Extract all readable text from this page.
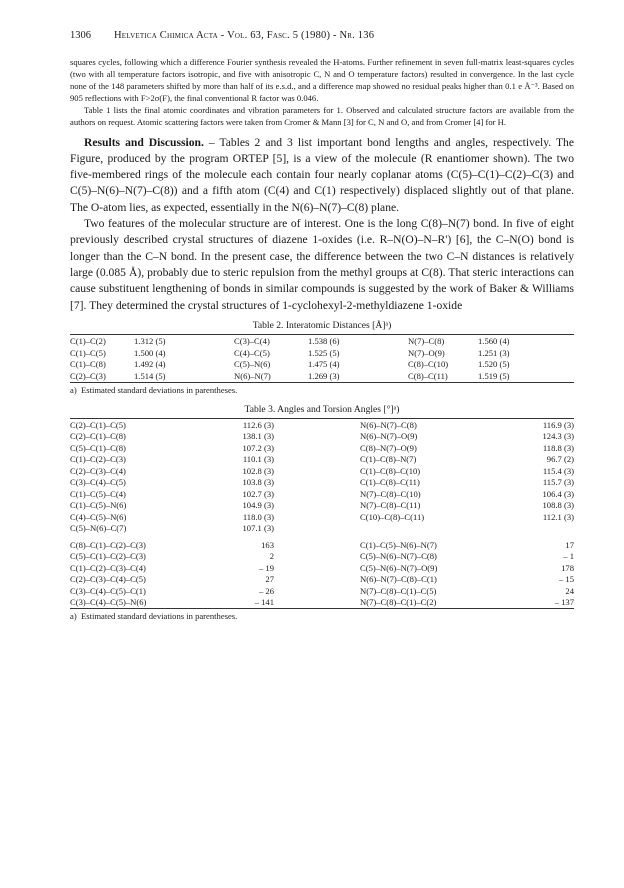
1306	Helvetica Chimica Acta - Vol. 63, Fasc. 5 (1980) - Nr. 136

squares cycles, following which a difference Fourier synthesis revealed the H-atoms. Further refinement in seven full-matrix least-squares cycles (two with all temperature factors isotropic, and five with anisotropic C, N and O temperature factors) resulted in convergence. In the last cycle none of the 148 parameters shifted by more than half of its e.s.d., and a difference map showed no residual peaks higher than 0.1 e Å⁻³. Based on 905 reflections with F>2σ(F), the final conventional R factor was 0.046.

Table 1 lists the final atomic coordinates and vibration parameters for 1. Observed and calculated structure factors are available from the authors on request. Atomic scattering factors were taken from Cromer & Mann [3] for C, N and O, and from Cromer [4] for H.

Results and Discussion. – Tables 2 and 3 list important bond lengths and angles, respectively. The Figure, produced by the program ORTEP [5], is a view of the molecule (R enantiomer shown). The two five-membered rings of the molecule each contain four nearly coplanar atoms (C(5)–C(1)–C(2)–C(3) and C(5)–N(6)–N(7)–C(8)) and a fifth atom (C(4) and C(1) respectively) displaced slightly out of that plane. The O-atom lies, as expected, essentially in the N(6)–N(7)–C(8) plane.

Two features of the molecular structure are of interest. One is the long C(8)–N(7) bond. In five of eight previously described crystal structures of diazene 1-oxides (i.e. R–N(O)–N–R') [6], the C–N(O) bond is longer than the C–N bond. In the present case, the difference between the two C–N distances is relatively large (0.085 Å), probably due to steric repulsion from the methyl groups at C(8). That steric interactions can cause substituent lengthening of bonds in similar compounds is suggested by the work of Baker & Williams [7]. They determined the crystal structures of 1-cyclohexyl-2-methyldiazene 1-oxide

Table 2. Interatomic Distances [Å]ᵃ)
C(1)–C(2)	1.312 (5)	C(3)–C(4)	1.538 (6)	N(7)–C(8)	1.560 (4)
C(1)–C(5)	1.500 (4)	C(4)–C(5)	1.525 (5)	N(7)–O(9)	1.251 (3)
C(1)–C(8)	1.492 (4)	C(5)–N(6)	1.475 (4)	C(8)–C(10)	1.520 (5)
C(2)–C(3)	1.514 (5)	N(6)–N(7)	1.269 (3)	C(8)–C(11)	1.519 (5)
a) Estimated standard deviations in parentheses.
Table 3. Angles and Torsion Angles [°]ᵃ)
C(2)–C(1)–C(5)	112.6 (3)		N(6)–N(7)–C(8)	116.9 (3)
C(2)–C(1)–C(8)	138.1 (3)		N(6)–N(7)–O(9)	124.3 (3)
C(5)–C(1)–C(8)	107.2 (3)		C(8)–N(7)–O(9)	118.8 (3)
C(1)–C(2)–C(3)	110.1 (3)		C(1)–C(8)–N(7)	96.7 (2)
C(2)–C(3)–C(4)	102.8 (3)		C(1)–C(8)–C(10)	115.4 (3)
C(3)–C(4)–C(5)	103.8 (3)		C(1)–C(8)–C(11)	115.7 (3)
C(1)–C(5)–C(4)	102.7 (3)		N(7)–C(8)–C(10)	106.4 (3)
C(1)–C(5)–N(6)	104.9 (3)		N(7)–C(8)–C(11)	108.8 (3)
C(4)–C(5)–N(6)	118.0 (3)		C(10)–C(8)–C(11)	112.1 (3)
C(5)–N(6)–C(7)	107.1 (3)			
C(8)–C(1)–C(2)–C(3)	163		C(1)–C(5)–N(6)–N(7)	17
C(5)–C(1)–C(2)–C(3)	2		C(5)–N(6)–N(7)–C(8)	– 1
C(1)–C(2)–C(3)–C(4)	– 19		C(5)–N(6)–N(7)–O(9)	178
C(2)–C(3)–C(4)–C(5)	27		N(6)–N(7)–C(8)–C(1)	– 15
C(3)–C(4)–C(5)–C(1)	– 26		N(7)–C(8)–C(1)–C(5)	24
C(3)–C(4)–C(5)–N(6)	– 141		N(7)–C(8)–C(1)–C(2)	– 137
a) Estimated standard deviations in parentheses.
